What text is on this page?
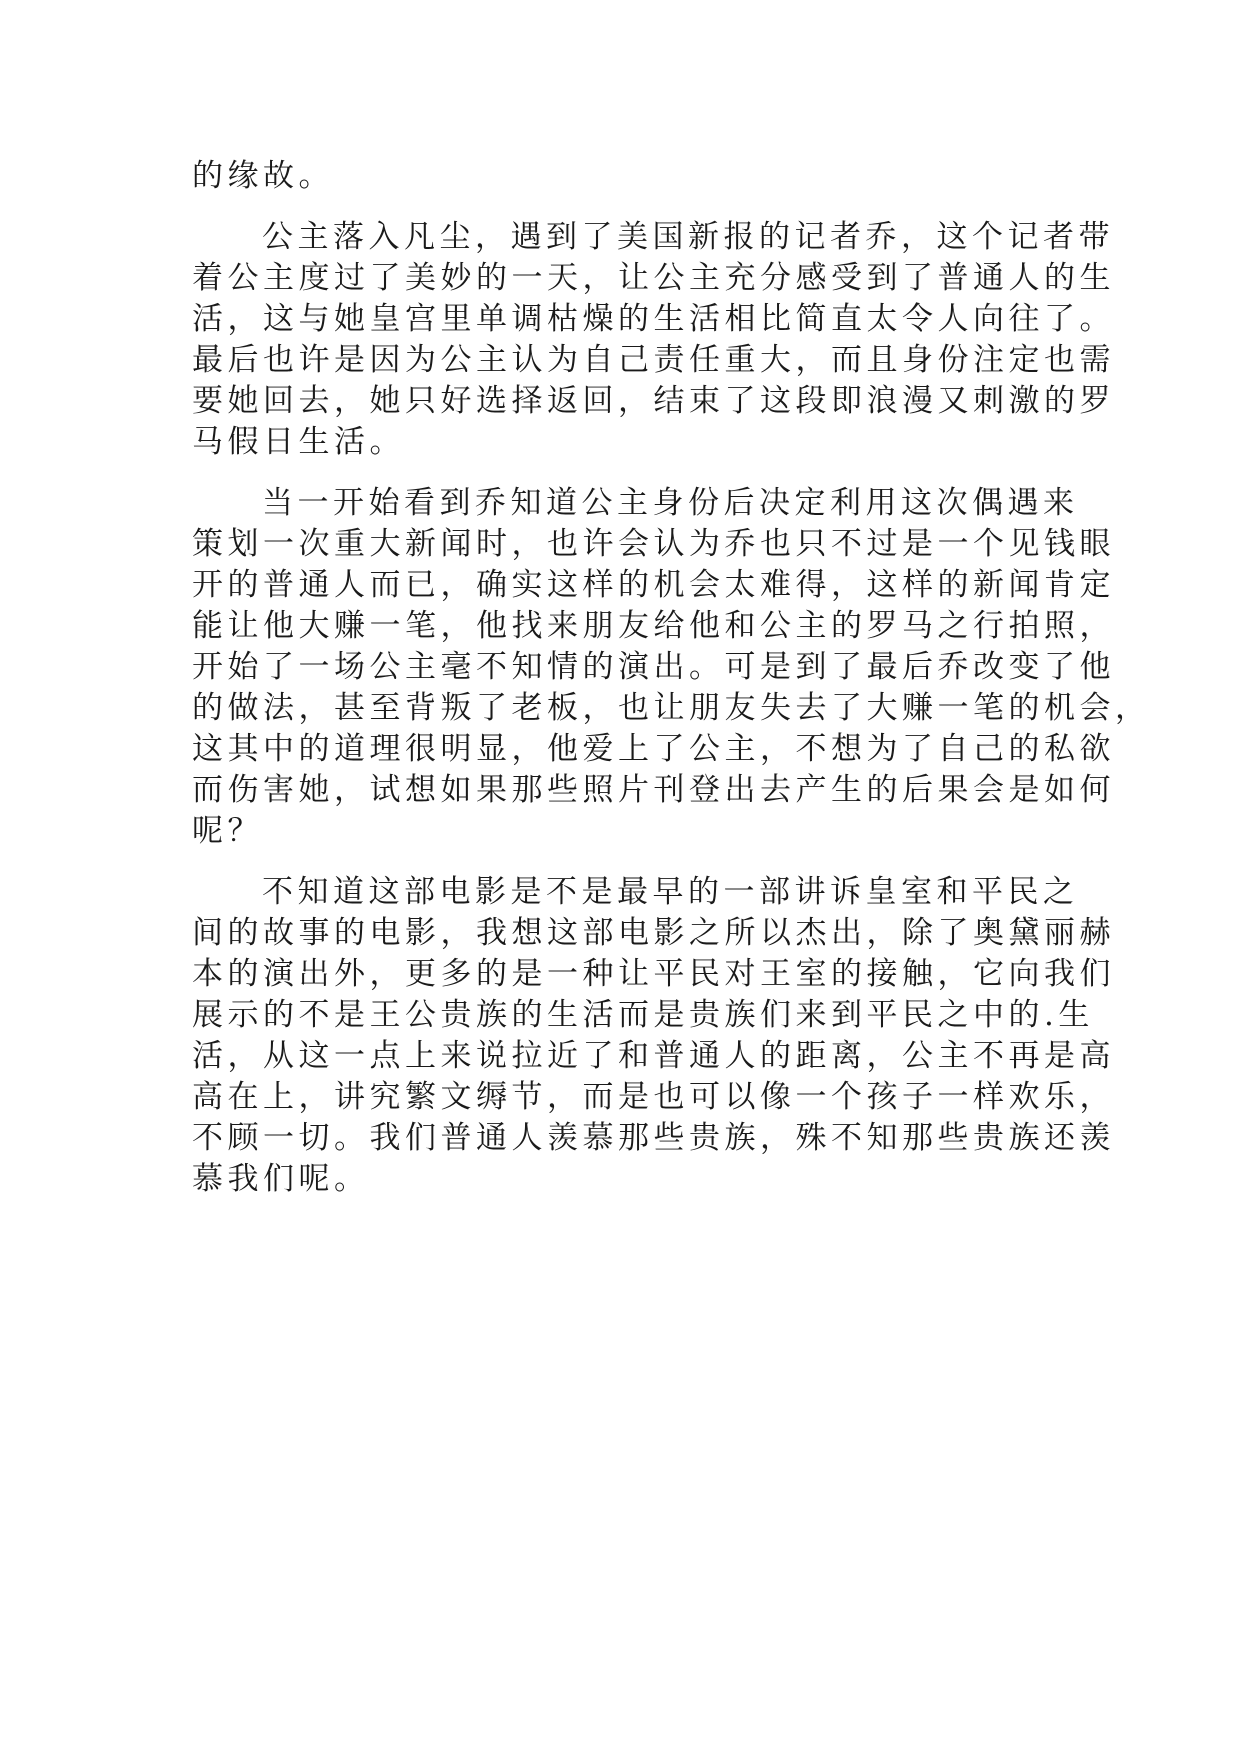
的缘故。
公主落入凡尘，遇到了美国新报的记者乔，这个记者带
着公主度过了美妙的一天，让公主充分感受到了普通人的生
活，这与她皇宫里单调枯燥的生活相比简直太令人向往了。
最后也许是因为公主认为自己责任重大，而且身份注定也需
要她回去，她只好选择返回，结束了这段即浪漫又刺激的罗
马假日生活。
当一开始看到乔知道公主身份后决定利用这次偶遇来
策划一次重大新闻时，也许会认为乔也只不过是一个见钱眼
开的普通人而已，确实这样的机会太难得，这样的新闻肯定
能让他大赚一笔，他找来朋友给他和公主的罗马之行拍照，
开始了一场公主毫不知情的演出。可是到了最后乔改变了他
的做法，甚至背叛了老板，也让朋友失去了大赚一笔的机会，
这其中的道理很明显，他爱上了公主，不想为了自己的私欲
而伤害她，试想如果那些照片刊登出去产生的后果会是如何
呢？
不知道这部电影是不是最早的一部讲诉皇室和平民之
间的故事的电影，我想这部电影之所以杰出，除了奥黛丽赫
本的演出外，更多的是一种让平民对王室的接触，它向我们
展示的不是王公贵族的生活而是贵族们来到平民之中的.生
活，从这一点上来说拉近了和普通人的距离，公主不再是高
高在上，讲究繁文缛节，而是也可以像一个孩子一样欢乐，
不顾一切。我们普通人羡慕那些贵族，殊不知那些贵族还羡
慕我们呢。
